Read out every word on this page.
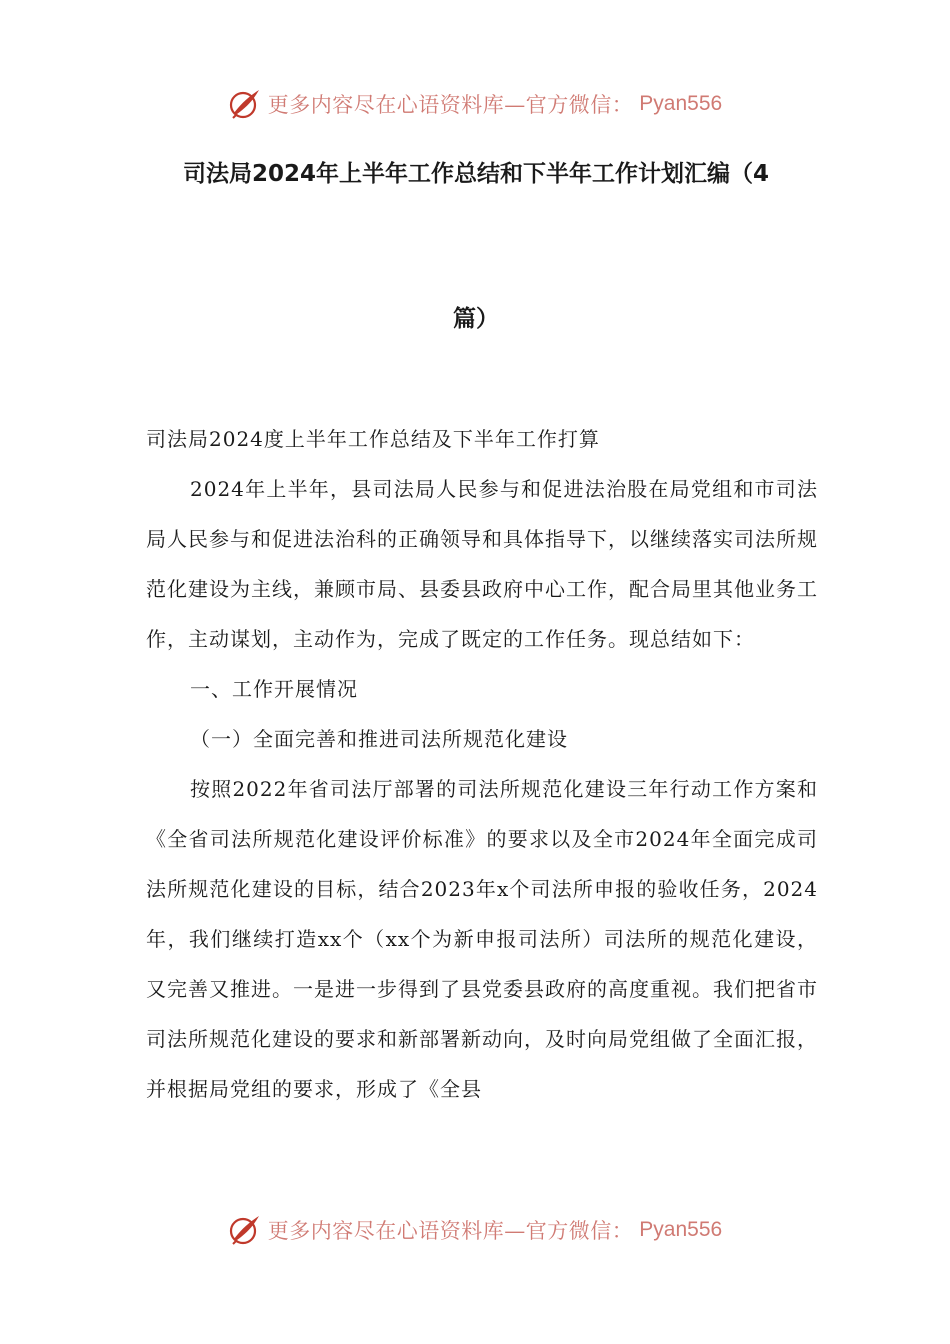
更多内容尽在心语资料库—官方微信： Pyan556
司法局2024年上半年工作总结和下半年工作计划汇编（4
篇）

司法局2024度上半年工作总结及下半年工作打算

2024年上半年，县司法局人民参与和促进法治股在局党组和市司法局人民参与和促进法治科的正确领导和具体指导下，以继续落实司法所规范化建设为主线，兼顾市局、县委县政府中心工作，配合局里其他业务工作，主动谋划，主动作为，完成了既定的工作任务。现总结如下：

一、工作开展情况

（一）全面完善和推进司法所规范化建设

按照2022年省司法厅部署的司法所规范化建设三年行动工作方案和《全省司法所规范化建设评价标准》的要求以及全市2024年全面完成司法所规范化建设的目标，结合2023年x个司法所申报的验收任务，2024年，我们继续打造xx个（xx个为新申报司法所）司法所的规范化建设，又完善又推进。一是进一步得到了县党委县政府的高度重视。我们把省市司法所规范化建设的要求和新部署新动向，及时向局党组做了全面汇报，并根据局党组的要求，形成了《全县

更多内容尽在心语资料库—官方微信： Pyan556
